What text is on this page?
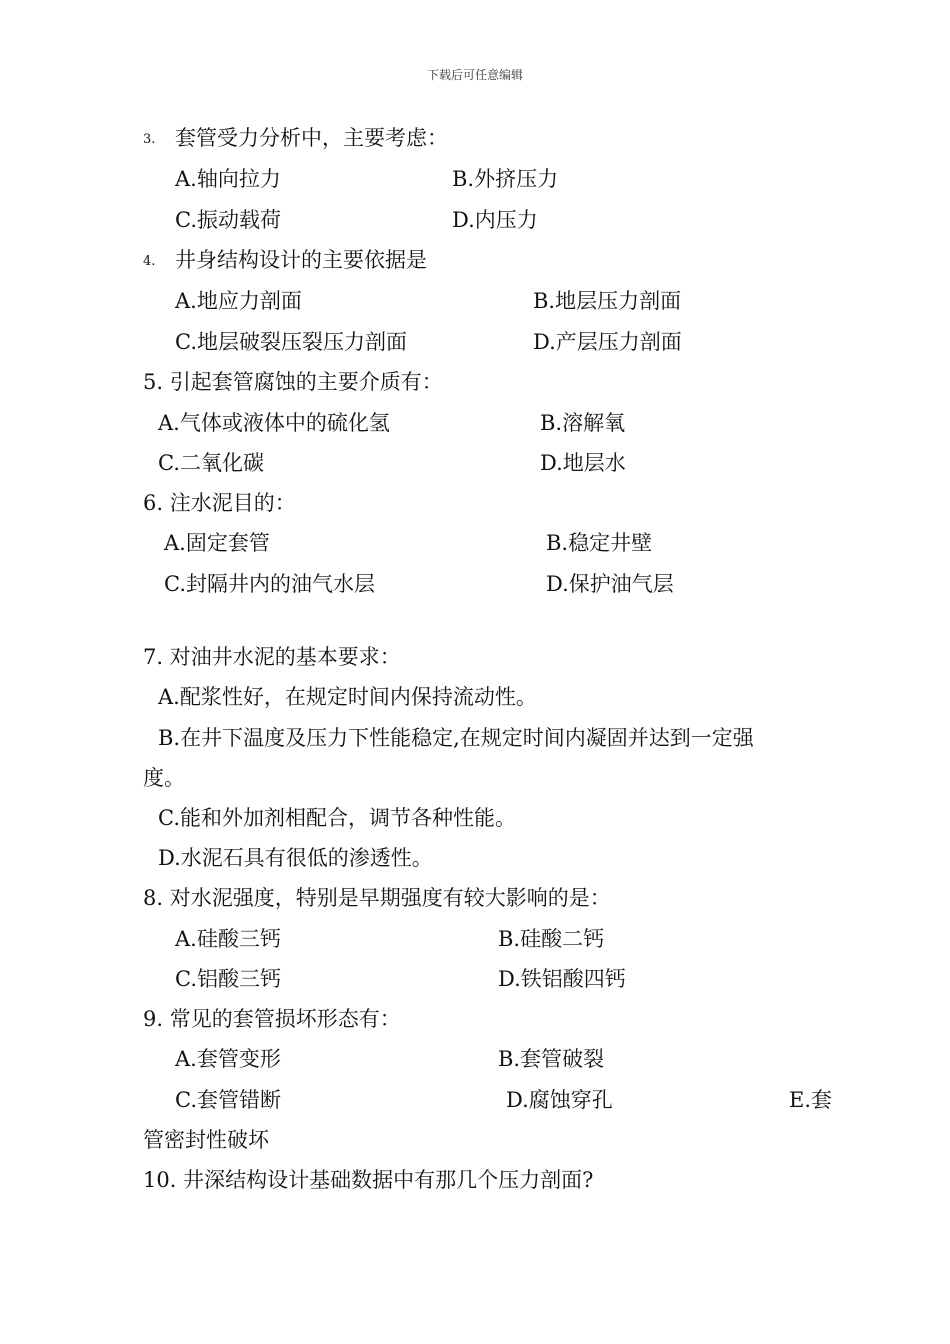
下载后可任意编辑
3. 套管受力分析中，主要考虑：
A.轴向拉力	B.外挤压力
C.振动载荷	D.内压力
4. 井身结构设计的主要依据是
A.地应力剖面	B.地层压力剖面
C.地层破裂压裂压力剖面	D.产层压力剖面
5. 引起套管腐蚀的主要介质有：
A.气体或液体中的硫化氢	B.溶解氧
C.二氧化碳	D.地层水
6. 注水泥目的：
A.固定套管	B.稳定井壁
C.封隔井内的油气水层	D.保护油气层
7. 对油井水泥的基本要求：
A.配浆性好，在规定时间内保持流动性。
B.在井下温度及压力下性能稳定,在规定时间内凝固并达到一定强
度。
C.能和外加剂相配合，调节各种性能。
D.水泥石具有很低的渗透性。
8. 对水泥强度，特别是早期强度有较大影响的是：
A.硅酸三钙	B.硅酸二钙
C.铝酸三钙	D.铁铝酸四钙
9. 常见的套管损坏形态有：
A.套管变形	B.套管破裂
C.套管错断	D.腐蚀穿孔	E.套
管密封性破坏
10. 井深结构设计基础数据中有那几个压力剖面?
